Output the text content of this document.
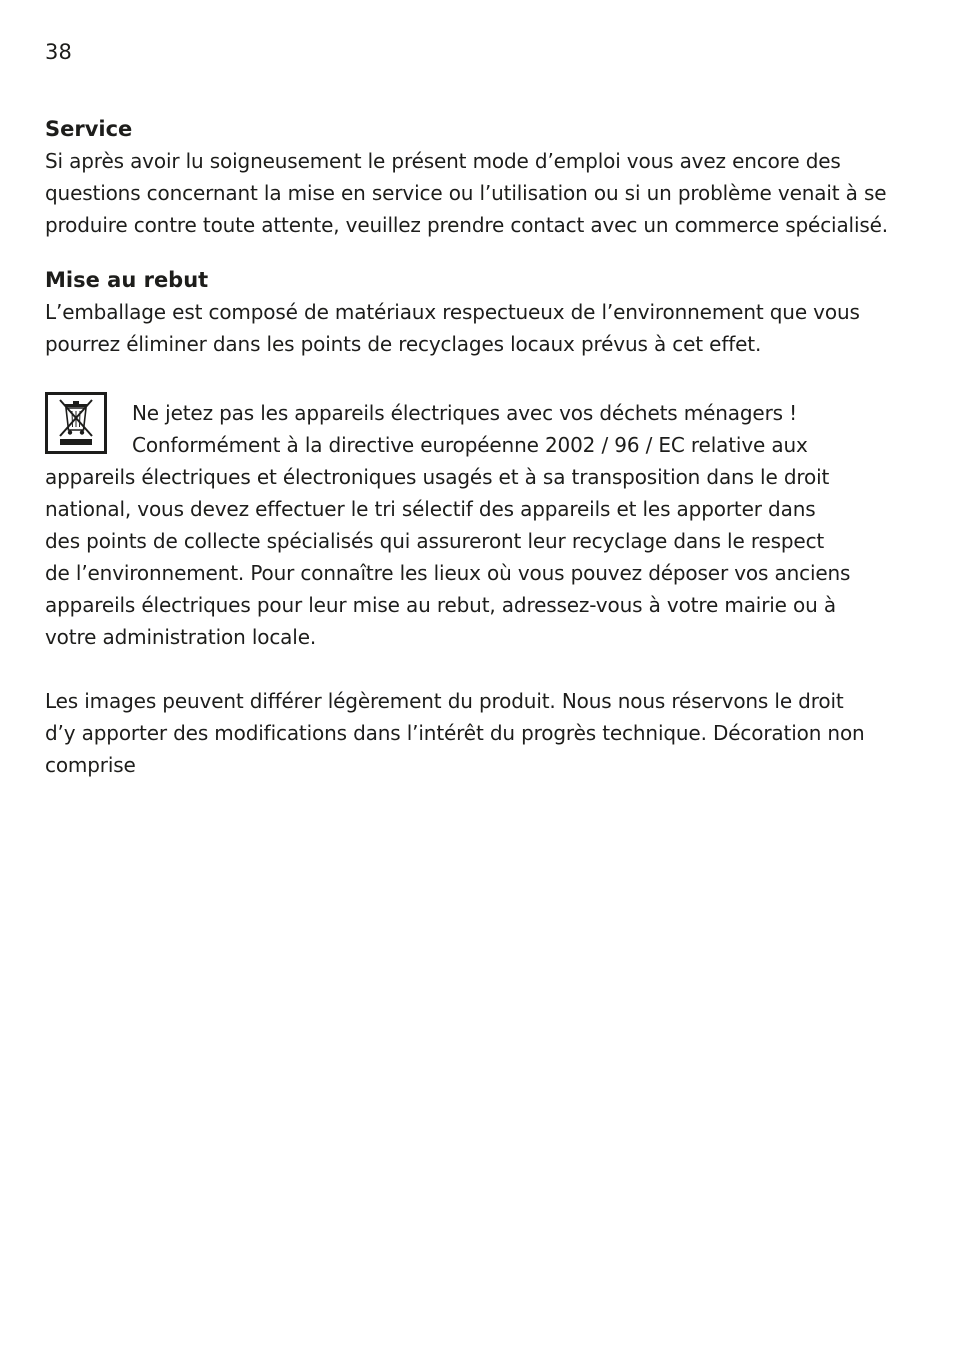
38

Service

Si après avoir lu soigneusement le présent mode d’emploi vous avez encore des
questions concernant la mise en service ou l’utilisation ou si un problème venait à se
produire contre toute attente, veuillez prendre contact avec un commerce spécialisé.

Mise au rebut

L’emballage est composé de matériaux respectueux de l’environnement que vous
pourrez éliminer dans les points de recyclages locaux prévus à cet effet.

Ne jetez pas les appareils électriques avec vos déchets ménagers !
Conformément à la directive européenne 2002 / 96 / EC relative aux

appareils électriques et électroniques usagés et à sa transposition dans le droit
national, vous devez effectuer le tri sélectif des appareils et les apporter dans
des points de collecte spécialisés qui assureront leur recyclage dans le respect
de l’environnement. Pour connaître les lieux où vous pouvez déposer vos anciens
appareils électriques pour leur mise au rebut, adressez-vous à votre mairie ou à
votre administration locale.

Les images peuvent différer légèrement du produit. Nous nous réservons le droit
d’y apporter des modifications dans l’intérêt du progrès technique. Décoration non
comprise
